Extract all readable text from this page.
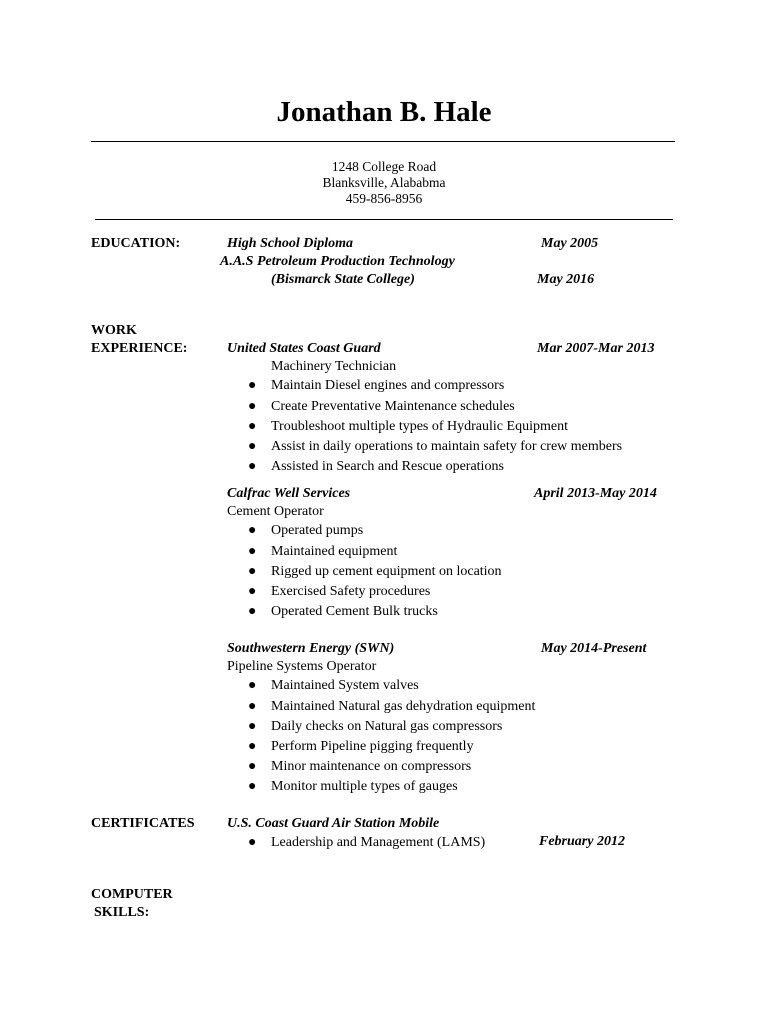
Jonathan B. Hale
1248 College Road
Blanksville, Alababma
459-856-8956
EDUCATION:	High School Diploma	May 2005
A.A.S Petroleum Production Technology
(Bismarck State College)	May 2016
WORK
EXPERIENCE:	United States Coast Guard	Mar 2007-Mar 2013
Machinery Technician
● Maintain Diesel engines and compressors
● Create Preventative Maintenance schedules
● Troubleshoot multiple types of Hydraulic Equipment
● Assist in daily operations to maintain safety for crew members
● Assisted in Search and Rescue operations
Calfrac Well Services	April 2013-May 2014
Cement Operator
● Operated pumps
● Maintained equipment
● Rigged up cement equipment on location
● Exercised Safety procedures
● Operated Cement Bulk trucks
Southwestern Energy (SWN)	May 2014-Present
Pipeline Systems Operator
● Maintained System valves
● Maintained Natural gas dehydration equipment
● Daily checks on Natural gas compressors
● Perform Pipeline pigging frequently
● Minor maintenance on compressors
● Monitor multiple types of gauges
CERTIFICATES U.S. Coast Guard Air Station Mobile
● Leadership and Management (LAMS)	February 2012
COMPUTER
SKILLS:
